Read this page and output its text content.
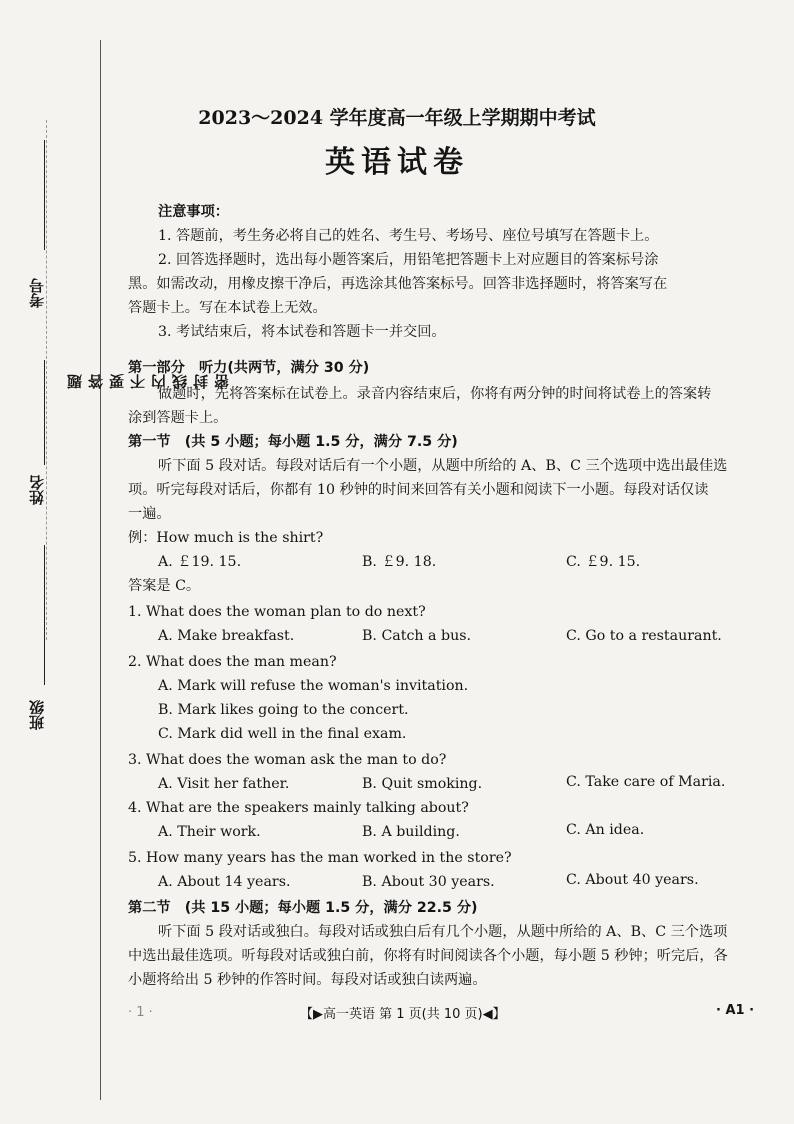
考号
姓名
班级
题 答 要 不 内 线 封 密
2023～2024 学年度高一年级上学期期中考试
英语试卷
注意事项：
1. 答题前，考生务必将自己的姓名、考生号、考场号、座位号填写在答题卡上。
2. 回答选择题时，选出每小题答案后，用铅笔把答题卡上对应题目的答案标号涂
黑。如需改动，用橡皮擦干净后，再选涂其他答案标号。回答非选择题时，将答案写在
答题卡上。写在本试卷上无效。
3. 考试结束后，将本试卷和答题卡一并交回。
第一部分　听力(共两节，满分 30 分)
做题时，先将答案标在试卷上。录音内容结束后，你将有两分钟的时间将试卷上的答案转
涂到答题卡上。
第一节　(共 5 小题；每小题 1.5 分，满分 7.5 分)
听下面 5 段对话。每段对话后有一个小题，从题中所给的 A、B、C 三个选项中选出最佳选
项。听完每段对话后，你都有 10 秒钟的时间来回答有关小题和阅读下一小题。每段对话仅读
一遍。
例：How much is the shirt?
A. ￡19. 15.	B. ￡9. 18.	C. ￡9. 15.
答案是 C。
1. What does the woman plan to do next?
A. Make breakfast.	B. Catch a bus.	C. Go to a restaurant.
2. What does the man mean?
A. Mark will refuse the woman's invitation.
B. Mark likes going to the concert.
C. Mark did well in the final exam.
3. What does the woman ask the man to do?
A. Visit her father.	B. Quit smoking.	C. Take care of Maria.
4. What are the speakers mainly talking about?
A. Their work.	B. A building.	C. An idea.
5. How many years has the man worked in the store?
A. About 14 years.	B. About 30 years.	C. About 40 years.
第二节　(共 15 小题；每小题 1.5 分，满分 22.5 分)
听下面 5 段对话或独白。每段对话或独白后有几个小题，从题中所给的 A、B、C 三个选项
中选出最佳选项。听每段对话或独白前，你将有时间阅读各个小题，每小题 5 秒钟；听完后，各
小题将给出 5 秒钟的作答时间。每段对话或独白读两遍。
· 1 ·	【▶高一英语 第 1 页(共 10 页)◀】	· A1 ·
